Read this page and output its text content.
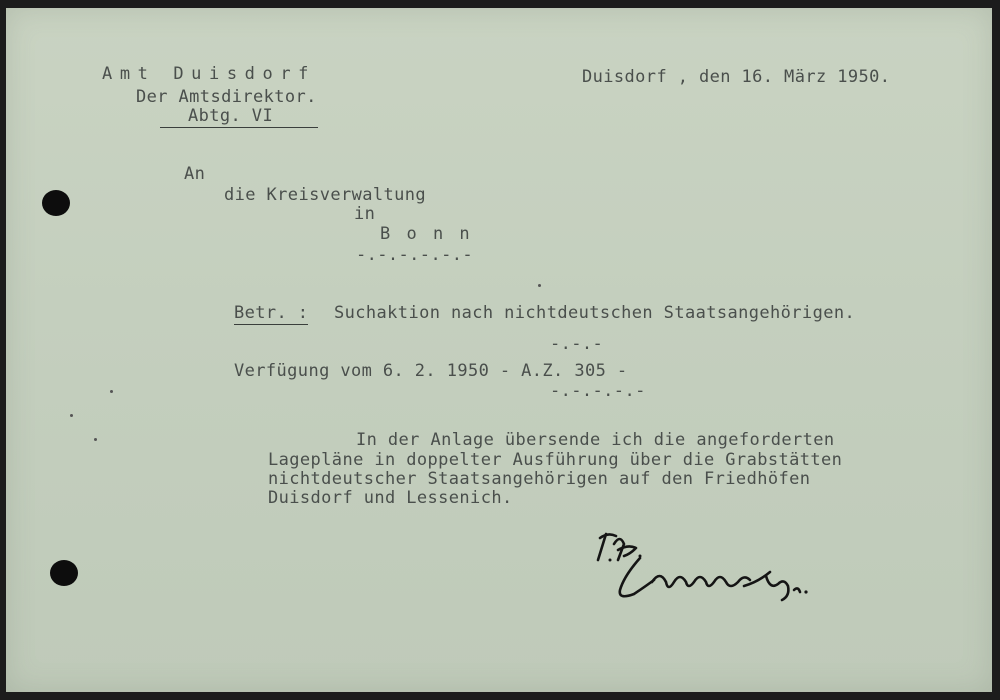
Amt Duisdorf
Der Amtsdirektor.
Abtg. VI
Duisdorf , den 16. März 1950.
An
die Kreisverwaltung
in
B o n n
-.-.-.-.-.-
Betr. : Suchaktion nach nichtdeutschen Staatsangehörigen.
-.-.-
Verfügung vom 6. 2. 1950 - A.Z. 305 -
-.-.-.-.-
In der Anlage übersende ich die angeforderten
Lagepläne in doppelter Ausführung über die Grabstätten
nichtdeutscher Staatsangehörigen auf den Friedhöfen
Duisdorf und Lessenich.
